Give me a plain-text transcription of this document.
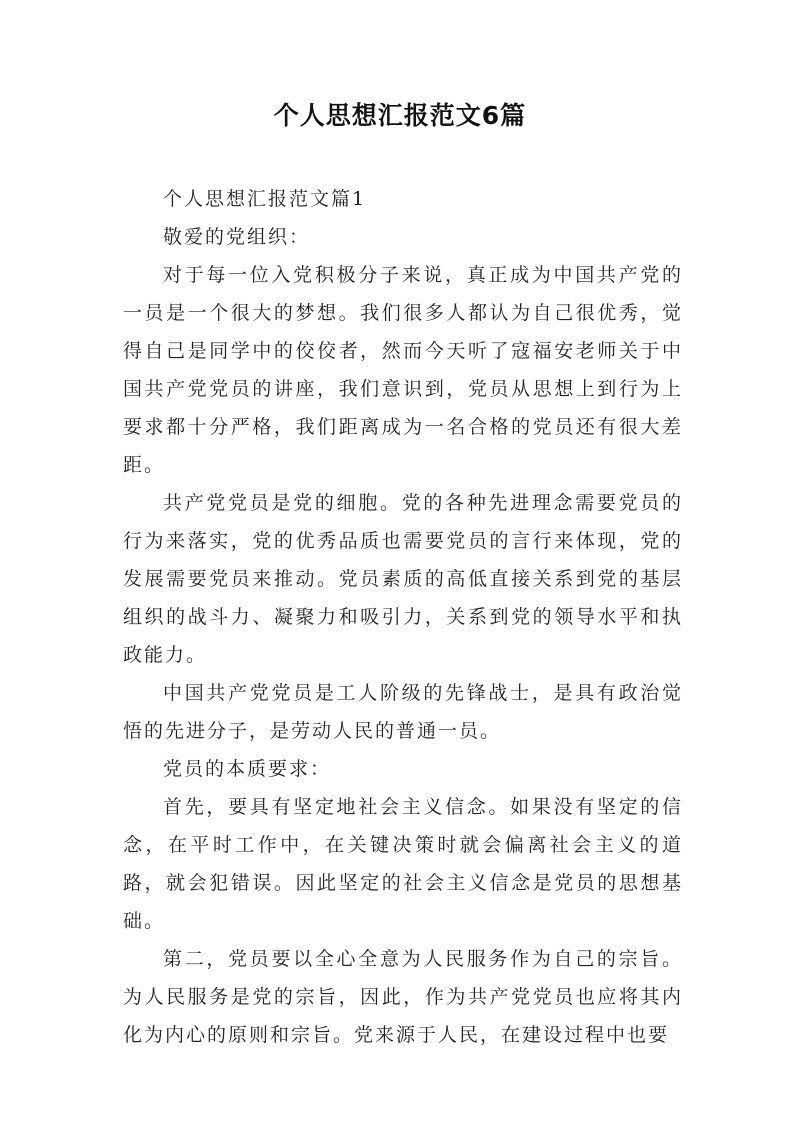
个人思想汇报范文6篇

个人思想汇报范文篇1

敬爱的党组织：

对于每一位入党积极分子来说，真正成为中国共产党的一员是一个很大的梦想。我们很多人都认为自己很优秀，觉得自己是同学中的佼佼者，然而今天听了寇福安老师关于中国共产党党员的讲座，我们意识到，党员从思想上到行为上要求都十分严格，我们距离成为一名合格的党员还有很大差距。

共产党党员是党的细胞。党的各种先进理念需要党员的行为来落实，党的优秀品质也需要党员的言行来体现，党的发展需要党员来推动。党员素质的高低直接关系到党的基层组织的战斗力、凝聚力和吸引力，关系到党的领导水平和执政能力。

中国共产党党员是工人阶级的先锋战士，是具有政治觉悟的先进分子，是劳动人民的普通一员。

党员的本质要求：

首先，要具有坚定地社会主义信念。如果没有坚定的信念，在平时工作中，在关键决策时就会偏离社会主义的道路，就会犯错误。因此坚定的社会主义信念是党员的思想基础。

第二，党员要以全心全意为人民服务作为自己的宗旨。为人民服务是党的宗旨，因此，作为共产党党员也应将其内化为内心的原则和宗旨。党来源于人民，在建设过程中也要
